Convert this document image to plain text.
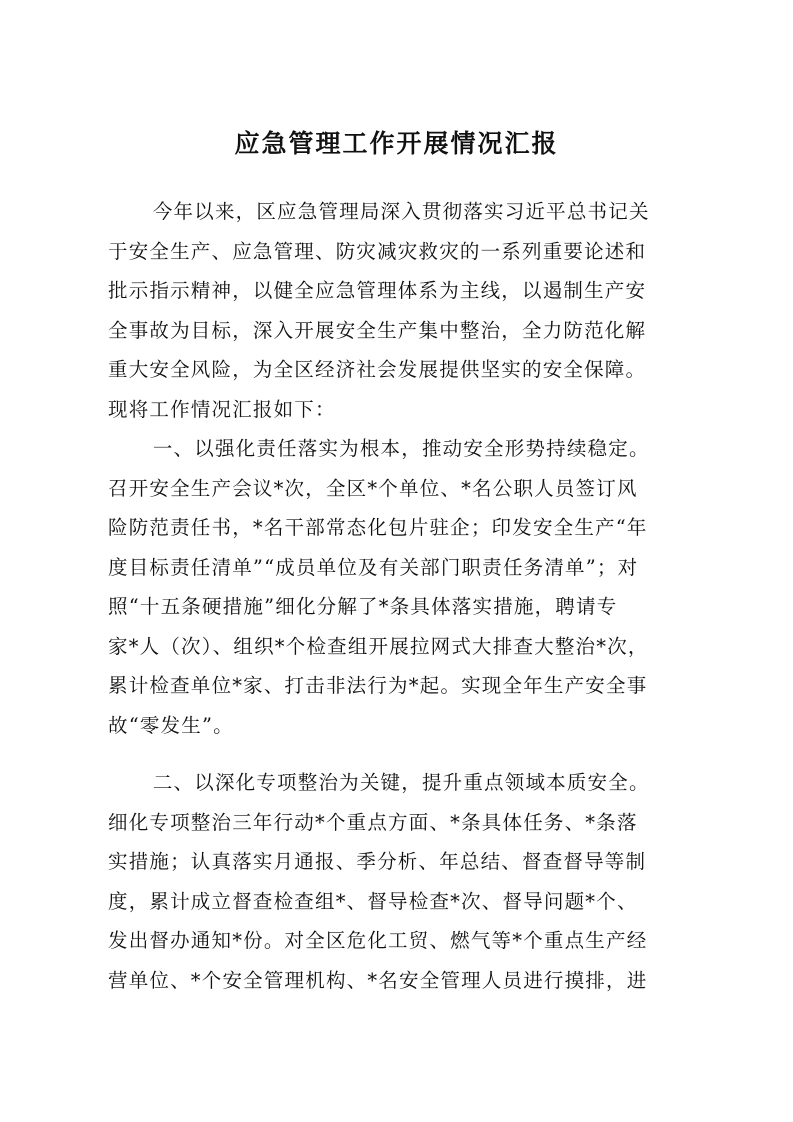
应急管理工作开展情况汇报

今年以来，区应急管理局深入贯彻落实习近平总书记关
于安全生产、应急管理、防灾减灾救灾的一系列重要论述和
批示指示精神，以健全应急管理体系为主线，以遏制生产安
全事故为目标，深入开展安全生产集中整治，全力防范化解
重大安全风险，为全区经济社会发展提供坚实的安全保障。
现将工作情况汇报如下：

一、以强化责任落实为根本，推动安全形势持续稳定。
召开安全生产会议*次，全区*个单位、*名公职人员签订风
险防范责任书，*名干部常态化包片驻企；印发安全生产“年
度目标责任清单”“成员单位及有关部门职责任务清单”；对
照“十五条硬措施”细化分解了*条具体落实措施，聘请专
家*人（次）、组织*个检查组开展拉网式大排查大整治*次，
累计检查单位*家、打击非法行为*起。实现全年生产安全事
故“零发生”。

二、以深化专项整治为关键，提升重点领域本质安全。
细化专项整治三年行动*个重点方面、*条具体任务、*条落
实措施；认真落实月通报、季分析、年总结、督查督导等制
度，累计成立督查检查组*、督导检查*次、督导问题*个、
发出督办通知*份。对全区危化工贸、燃气等*个重点生产经
营单位、*个安全管理机构、*名安全管理人员进行摸排，进
